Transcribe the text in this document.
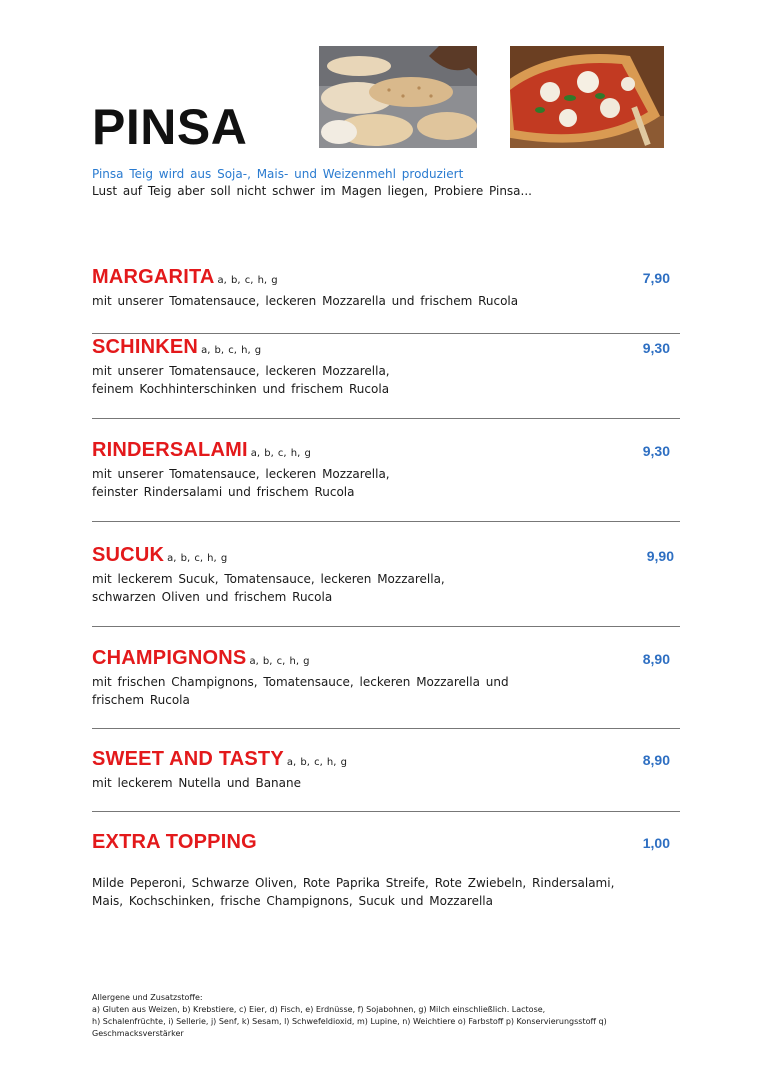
PINSA
Pinsa Teig wird aus Soja-, Mais- und Weizenmehl produziert
Lust auf Teig aber soll nicht schwer im Magen liegen, Probiere Pinsa...
MARGARITA a, b, c, h, g	7,90
mit unserer Tomatensauce, leckeren Mozzarella und frischem Rucola
SCHINKEN a, b, c, h, g	9,30
mit unserer Tomatensauce, leckeren Mozzarella,
feinem Kochhinterschinken und frischem Rucola
RINDERSALAMI a, b, c, h, g	9,30
mit unserer Tomatensauce, leckeren Mozzarella,
feinster Rindersalami und frischem Rucola
SUCUK a, b, c, h, g	9,90
mit leckerem Sucuk, Tomatensauce, leckeren Mozzarella,
schwarzen Oliven und frischem Rucola
CHAMPIGNONS a, b, c, h, g	8,90
mit frischen Champignons, Tomatensauce, leckeren Mozzarella und
frischem Rucola
SWEET AND TASTY a, b, c, h, g	8,90
mit leckerem Nutella und Banane
EXTRA TOPPING	1,00
Milde Peperoni, Schwarze Oliven, Rote Paprika Streife, Rote Zwiebeln, Rindersalami,
Mais, Kochschinken, frische Champignons, Sucuk und Mozzarella
Allergene und Zusatzstoffe:
a) Gluten aus Weizen, b) Krebstiere, c) Eier, d) Fisch, e) Erdnüsse, f) Sojabohnen, g) Milch einschließlich. Lactose,
h) Schalenfrüchte, i) Sellerie, j) Senf, k) Sesam, l) Schwefeldioxid, m) Lupine, n) Weichtiere o) Farbstoff p) Konservierungsstoff q)
Geschmacksverstärker
